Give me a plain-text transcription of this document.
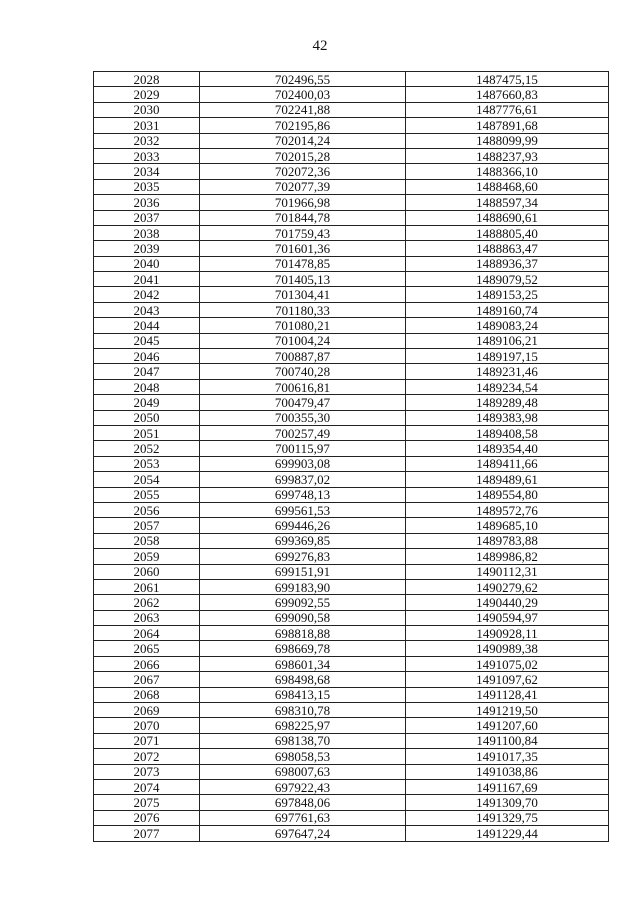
42
2028	702496,55	1487475,15
2029	702400,03	1487660,83
2030	702241,88	1487776,61
2031	702195,86	1487891,68
2032	702014,24	1488099,99
2033	702015,28	1488237,93
2034	702072,36	1488366,10
2035	702077,39	1488468,60
2036	701966,98	1488597,34
2037	701844,78	1488690,61
2038	701759,43	1488805,40
2039	701601,36	1488863,47
2040	701478,85	1488936,37
2041	701405,13	1489079,52
2042	701304,41	1489153,25
2043	701180,33	1489160,74
2044	701080,21	1489083,24
2045	701004,24	1489106,21
2046	700887,87	1489197,15
2047	700740,28	1489231,46
2048	700616,81	1489234,54
2049	700479,47	1489289,48
2050	700355,30	1489383,98
2051	700257,49	1489408,58
2052	700115,97	1489354,40
2053	699903,08	1489411,66
2054	699837,02	1489489,61
2055	699748,13	1489554,80
2056	699561,53	1489572,76
2057	699446,26	1489685,10
2058	699369,85	1489783,88
2059	699276,83	1489986,82
2060	699151,91	1490112,31
2061	699183,90	1490279,62
2062	699092,55	1490440,29
2063	699090,58	1490594,97
2064	698818,88	1490928,11
2065	698669,78	1490989,38
2066	698601,34	1491075,02
2067	698498,68	1491097,62
2068	698413,15	1491128,41
2069	698310,78	1491219,50
2070	698225,97	1491207,60
2071	698138,70	1491100,84
2072	698058,53	1491017,35
2073	698007,63	1491038,86
2074	697922,43	1491167,69
2075	697848,06	1491309,70
2076	697761,63	1491329,75
2077	697647,24	1491229,44
